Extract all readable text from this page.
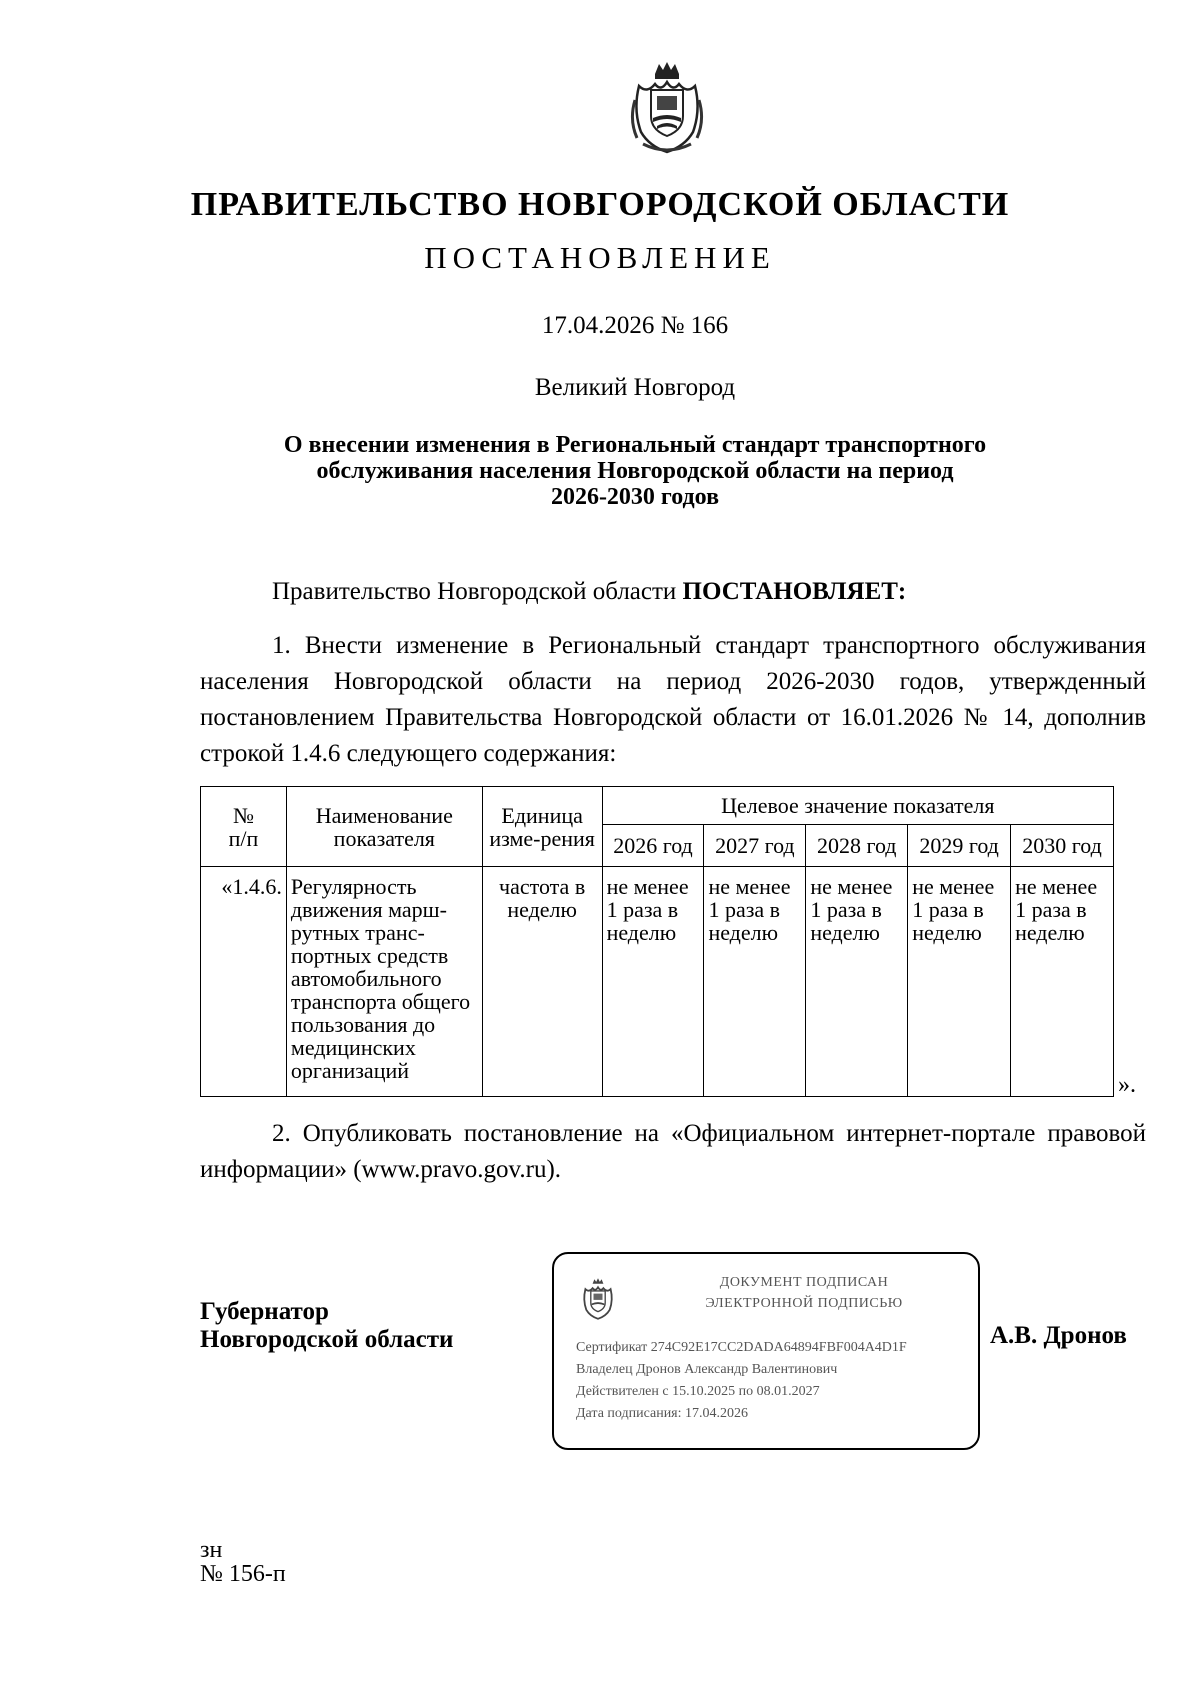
ПРАВИТЕЛЬСТВО НОВГОРОДСКОЙ ОБЛАСТИ
ПОСТАНОВЛЕНИЕ
17.04.2026 № 166
Великий Новгород
О внесении изменения в Региональный стандарт транспортного
обслуживания населения Новгородской области на период
2026-2030 годов
Правительство Новгородской области ПОСТАНОВЛЯЕТ:
1. Внести изменение в Региональный стандарт транспортного обслуживания населения Новгородской области на период 2026-2030 годов, утвержденный постановлением Правительства Новгородской области от 16.01.2026 № 14, дополнив строкой 1.4.6 следующего содержания:
№
п/п	Наименование показателя	Единица изме-рения	Целевое значение показателя				
			2026 год	2027 год	2028 год	2029 год	2030 год
«1.4.6.	Регулярность движения марш-рутных транс-портных средств автомобильного транспорта общего пользования до медицинских организаций	частота в неделю	не менее 1 раза в неделю	не менее 1 раза в неделю	не менее 1 раза в неделю	не менее 1 раза в неделю	не менее 1 раза в неделю
».
2. Опубликовать постановление на «Официальном интернет-портале правовой информации» (www.pravo.gov.ru).
Губернатор
Новгородской области
ДОКУМЕНТ ПОДПИСАН
ЭЛЕКТРОННОЙ ПОДПИСЬЮ
Сертификат 274C92E17CC2DADA64894FBF004A4D1F
Владелец Дронов Александр Валентинович
Действителен с 15.10.2025 по 08.01.2027
Дата подписания: 17.04.2026
А.В. Дронов
зн
№ 156-п
